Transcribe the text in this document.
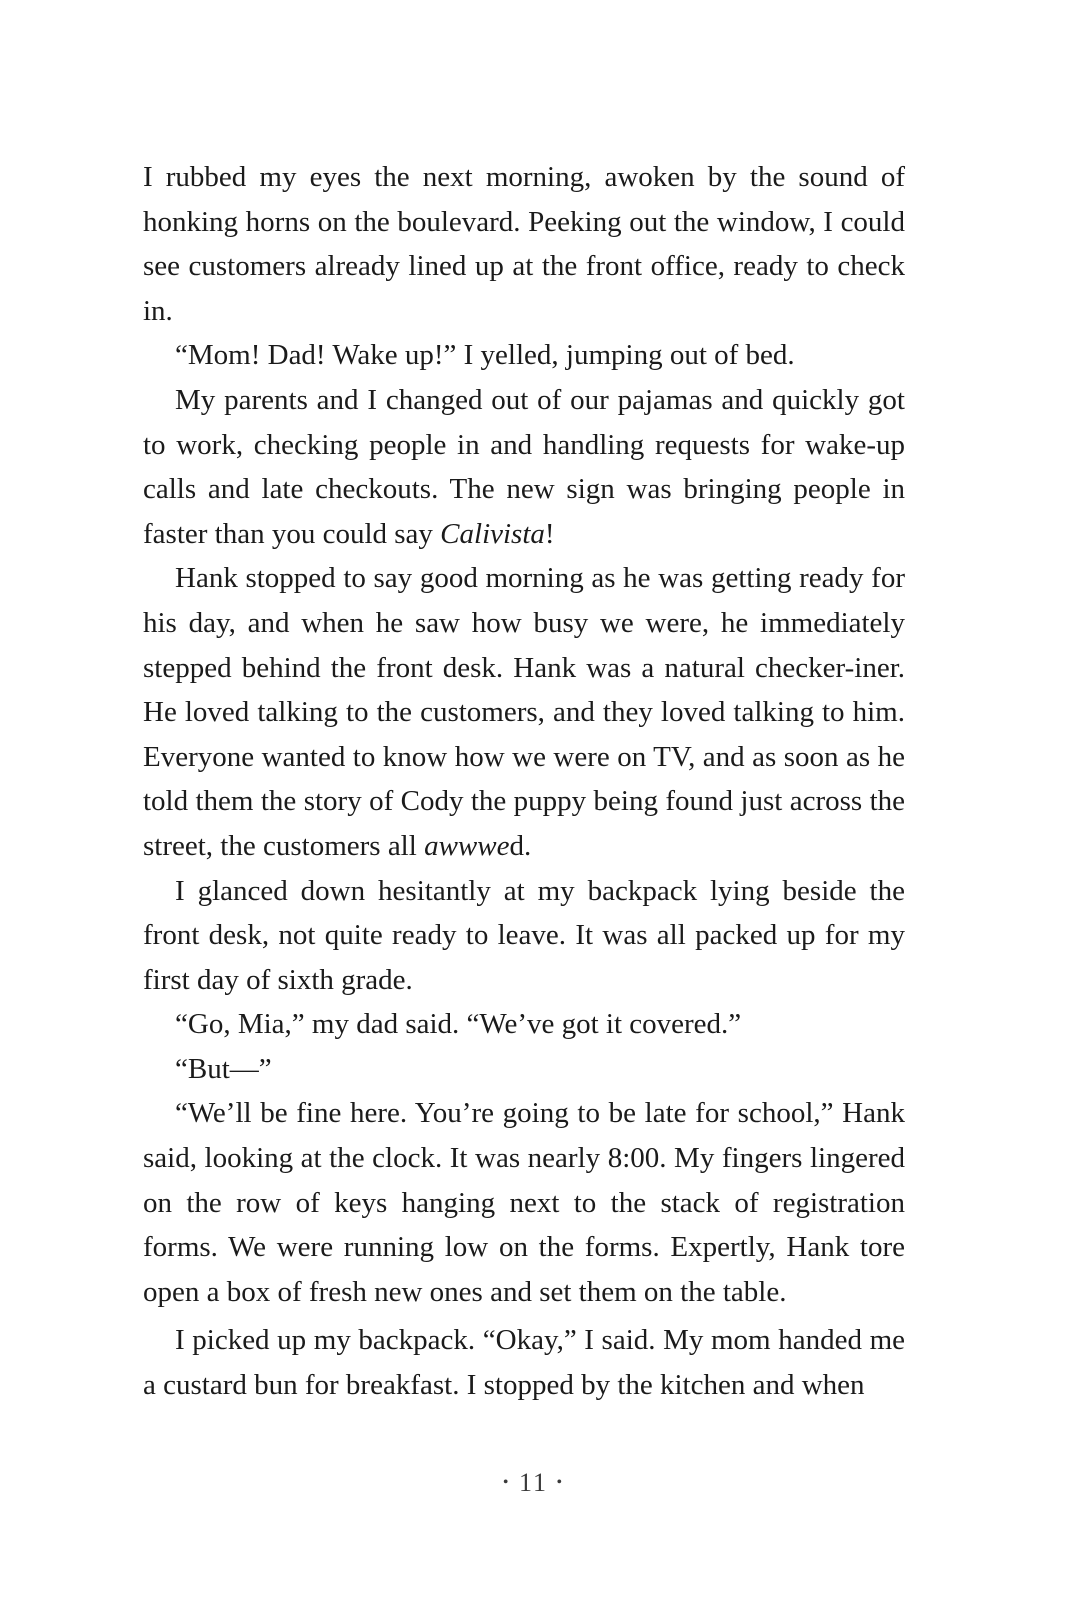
I rubbed my eyes the next morning, awoken by the sound of honking horns on the boulevard. Peeking out the window, I could see customers already lined up at the front office, ready to check in.

“Mom! Dad! Wake up!” I yelled, jumping out of bed.

My parents and I changed out of our pajamas and quickly got to work, checking people in and handling requests for wake-up calls and late checkouts. The new sign was bringing people in faster than you could say Calivista!

Hank stopped to say good morning as he was getting ready for his day, and when he saw how busy we were, he immediately stepped behind the front desk. Hank was a natural checker-iner. He loved talking to the customers, and they loved talking to him. Everyone wanted to know how we were on TV, and as soon as he told them the story of Cody the puppy being found just across the street, the customers all awwwed.

I glanced down hesitantly at my backpack lying beside the front desk, not quite ready to leave. It was all packed up for my first day of sixth grade.

“Go, Mia,” my dad said. “We’ve got it covered.”

“But—”

“We’ll be fine here. You’re going to be late for school,” Hank said, looking at the clock. It was nearly 8:00. My fingers lingered on the row of keys hanging next to the stack of registration forms. We were running low on the forms. Expertly, Hank tore open a box of fresh new ones and set them on the table.

I picked up my backpack. “Okay,” I said. My mom handed me a custard bun for breakfast. I stopped by the kitchen and when

• 11 •
